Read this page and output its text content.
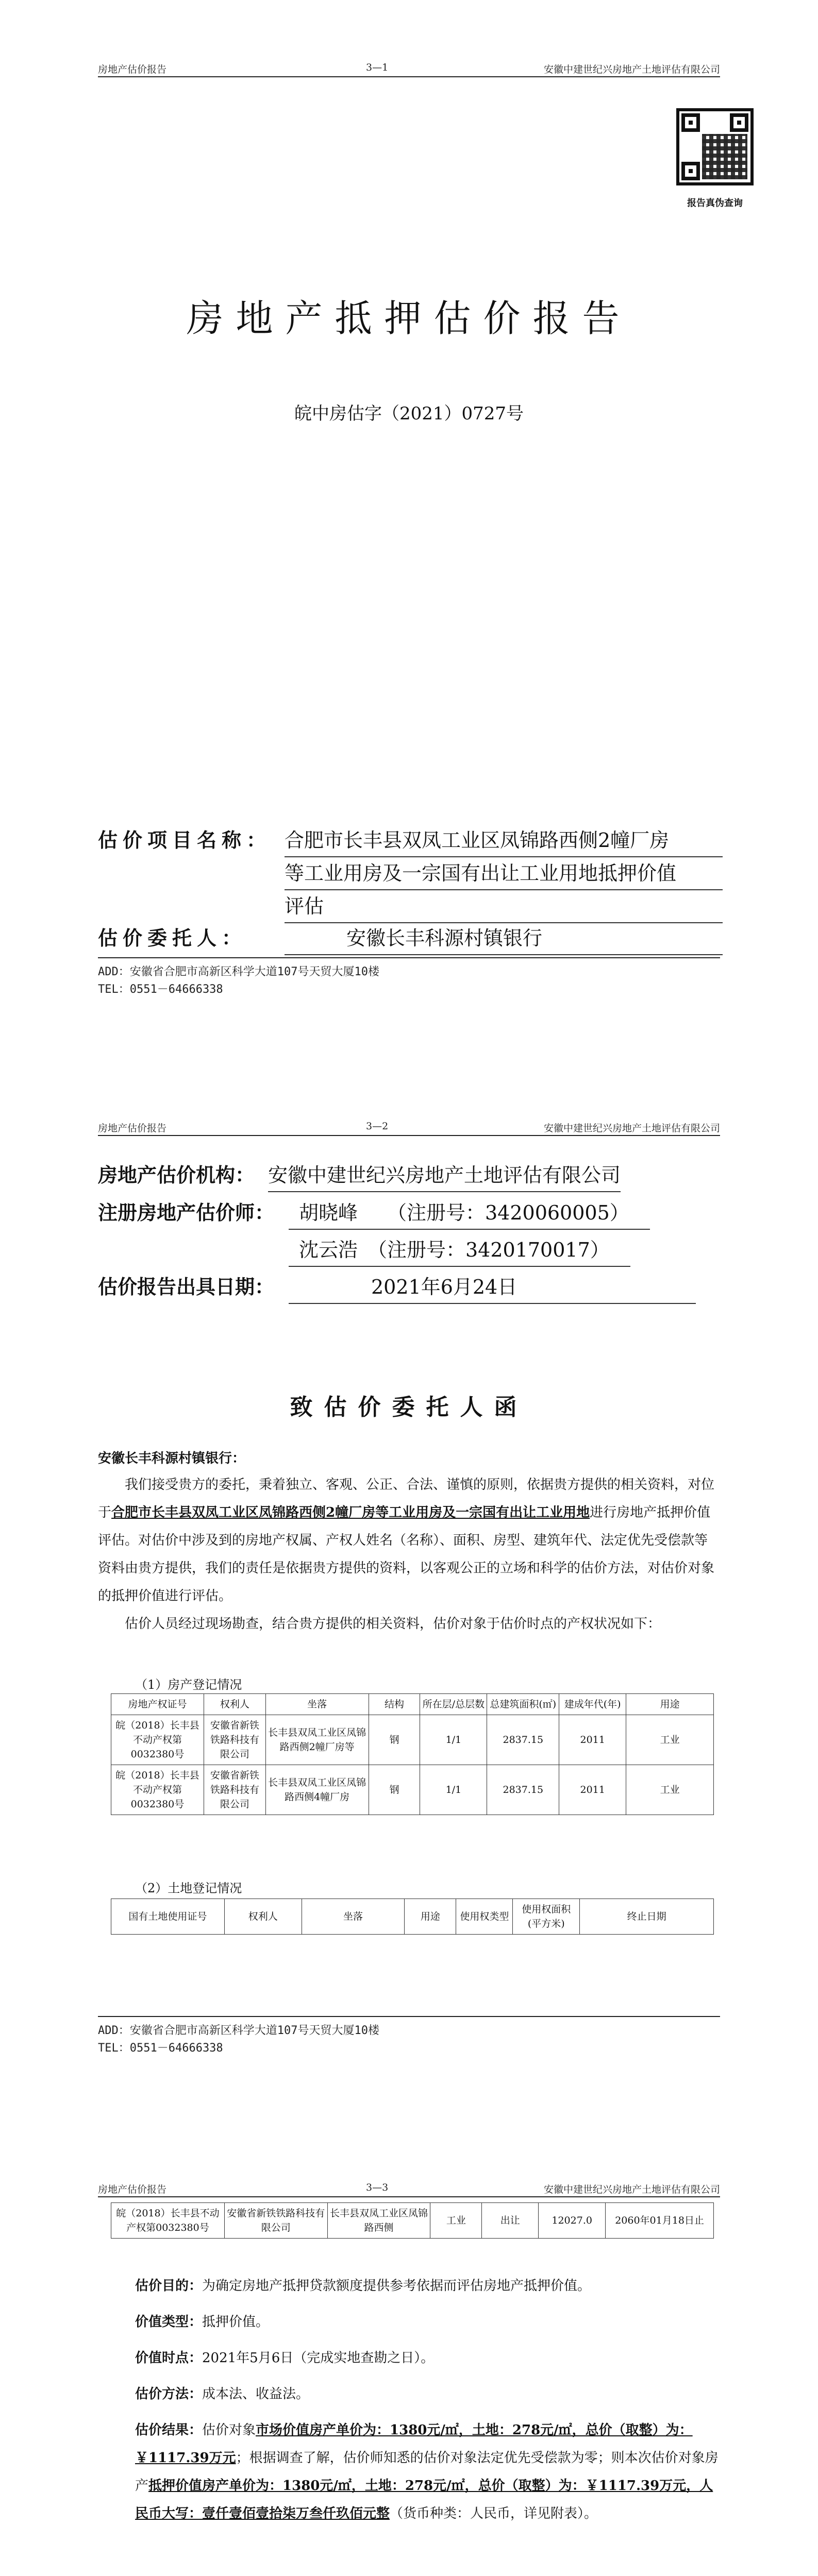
房地产估价报告	3—1	安徽中建世纪兴房地产土地评估有限公司
报告真伪查询
房地产抵押估价报告
皖中房估字（2021）0727号
估价项目名称： 合肥市长丰县双凤工业区凤锦路西侧2幢厂房 等工业用房及一宗国有出让工业用地抵押价值 评估
估价委托人：	安徽长丰科源村镇银行
ADD：安徽省合肥市高新区科学大道107号天贸大厦10楼
TEL：0551－64666338
房地产估价报告	3—2	安徽中建世纪兴房地产土地评估有限公司
房地产估价机构： 安徽中建世纪兴房地产土地评估有限公司
注册房地产估价师：	胡晓峰　　（注册号：3420060005）
沈云浩　（注册号：3420170017）
估价报告出具日期：	2021年6月24日
致估价委托人函
安徽长丰科源村镇银行：

我们接受贵方的委托，秉着独立、客观、公正、合法、谨慎的原则，依据贵方提供的相关资料，对位于合肥市长丰县双凤工业区凤锦路西侧2幢厂房等工业用房及一宗国有出让工业用地进行房地产抵押价值评估。对估价中涉及到的房地产权属、产权人姓名（名称）、面积、房型、建筑年代、法定优先受偿款等资料由贵方提供，我们的责任是依据贵方提供的资料，以客观公正的立场和科学的估价方法，对估价对象的抵押价值进行评估。

估价人员经过现场勘查，结合贵方提供的相关资料，估价对象于估价时点的产权状况如下：

（1）房产登记情况
房地产权证号	权利人	坐落	结构	所在层/总层数	总建筑面积(㎡)	建成年代(年)	用途
皖（2018）长丰县不动产权第0032380号	安徽省新铁铁路科技有限公司	长丰县双凤工业区凤锦路西侧2幢厂房等	钢	1/1	2837.15	2011	工业
皖（2018）长丰县不动产权第0032380号	安徽省新铁铁路科技有限公司	长丰县双凤工业区凤锦路西侧4幢厂房	钢	1/1	2837.15	2011	工业
（2）土地登记情况
国有土地使用证号	权利人	坐落	用途	使用权类型	使用权面积(平方米)	终止日期
ADD：安徽省合肥市高新区科学大道107号天贸大厦10楼
TEL：0551－64666338
房地产估价报告	3—3	安徽中建世纪兴房地产土地评估有限公司
皖（2018）长丰县不动产权第0032380号	安徽省新铁铁路科技有限公司	长丰县双凤工业区凤锦路西侧	工业	出让	12027.0	2060年01月18日止
估价目的：为确定房地产抵押贷款额度提供参考依据而评估房地产抵押价值。
价值类型：抵押价值。
价值时点：2021年5月6日（完成实地查勘之日）。
估价方法：成本法、收益法。
估价结果：估价对象市场价值房产单价为：1380元/㎡，土地：278元/㎡，总价（取整）为：￥1117.39万元；根据调查了解，估价师知悉的估价对象法定优先受偿款为零；则本次估价对象房产抵押价值房产单价为：1380元/㎡，土地：278元/㎡，总价（取整）为：￥1117.39万元，人民币大写：壹仟壹佰壹拾柒万叁仟玖佰元整（货币种类：人民币，详见附表）。
